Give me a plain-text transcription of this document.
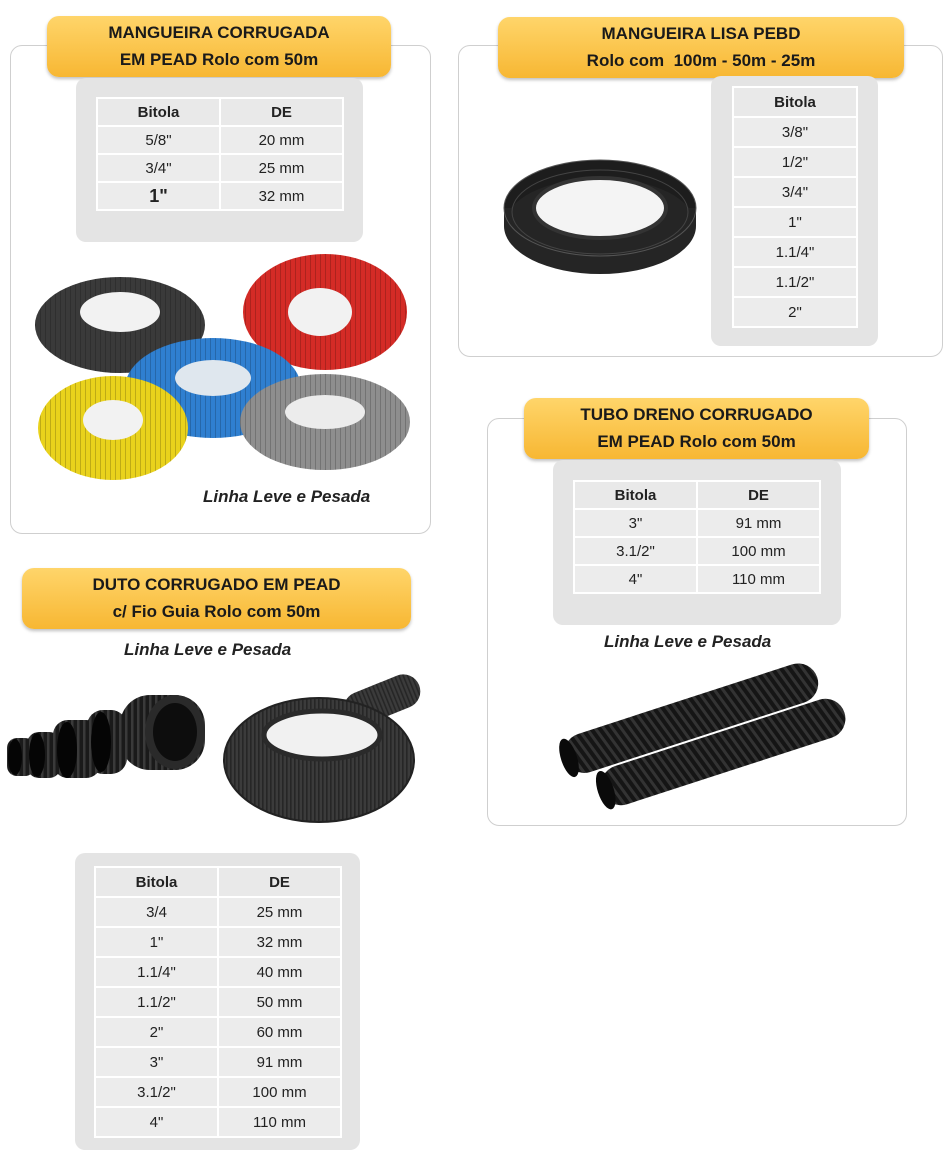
MANGUEIRA CORRUGADA
EM PEAD Rolo com 50m
Bitola	DE
5/8"	20 mm
3/4"	25 mm
1"	32 mm
Linha Leve e Pesada
MANGUEIRA LISA PEBD
Rolo com  100m - 50m - 25m
Bitola
3/8"
1/2"
3/4"
1"
1.1/4"
1.1/2"
2"
TUBO DRENO CORRUGADO
EM PEAD Rolo com 50m
Bitola	DE
3"	91 mm
3.1/2"	100 mm
4"	110 mm
Linha Leve e Pesada
DUTO CORRUGADO EM PEAD
c/ Fio Guia Rolo com 50m
Linha Leve e Pesada
Bitola	DE
3/4	25 mm
1"	32 mm
1.1/4"	40 mm
1.1/2"	50 mm
2"	60 mm
3"	91 mm
3.1/2"	100 mm
4"	110 mm
